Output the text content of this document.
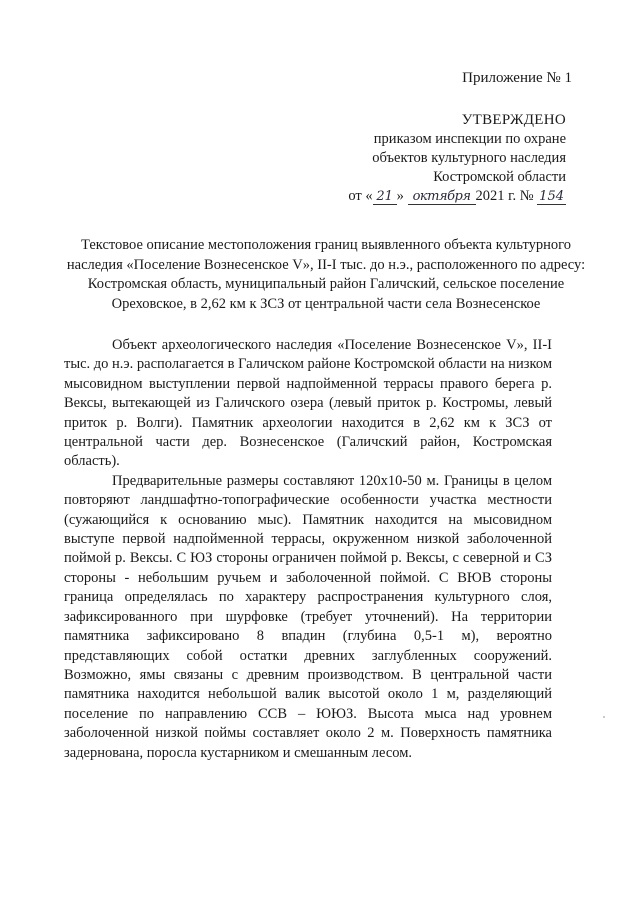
Приложение № 1
УТВЕРЖДЕНО
приказом инспекции по охране
объектов культурного наследия
Костромской области
от « 21 » октября 2021 г. № 154
Текстовое описание местоположения границ выявленного объекта культурного наследия «Поселение Вознесенское V», II-I тыс. до н.э., расположенного по адресу: Костромская область, муниципальный район Галичский, сельское поселение Ореховское, в 2,62 км к ЗСЗ от центральной части села Вознесенское

Объект археологического наследия «Поселение Вознесенское V», II-I тыс. до н.э. располагается в Галичском районе Костромской области на низком мысовидном выступлении первой надпойменной террасы правого берега р. Вексы, вытекающей из Галичского озера (левый приток р. Костромы, левый приток р. Волги). Памятник археологии находится в 2,62 км к ЗСЗ от центральной части дер. Вознесенское (Галичский район, Костромская область).

Предварительные размеры составляют 120х10-50 м. Границы в целом повторяют ландшафтно-топографические особенности участка местности (сужающийся к основанию мыс). Памятник находится на мысовидном выступе первой надпойменной террасы, окруженном низкой заболоченной поймой р. Вексы. С ЮЗ стороны ограничен поймой р. Вексы, с северной и СЗ стороны - небольшим ручьем и заболоченной поймой. С ВЮВ стороны граница определялась по характеру распространения культурного слоя, зафиксированного при шурфовке (требует уточнений). На территории памятника зафиксировано 8 впадин (глубина 0,5-1 м), вероятно представляющих собой остатки древних заглубленных сооружений. Возможно, ямы связаны с древним производством. В центральной части памятника находится небольшой валик высотой около 1 м, разделяющий поселение по направлению ССВ – ЮЮЗ. Высота мыса над уровнем заболоченной низкой поймы составляет около 2 м. Поверхность памятника задернована, поросла кустарником и смешанным лесом.
